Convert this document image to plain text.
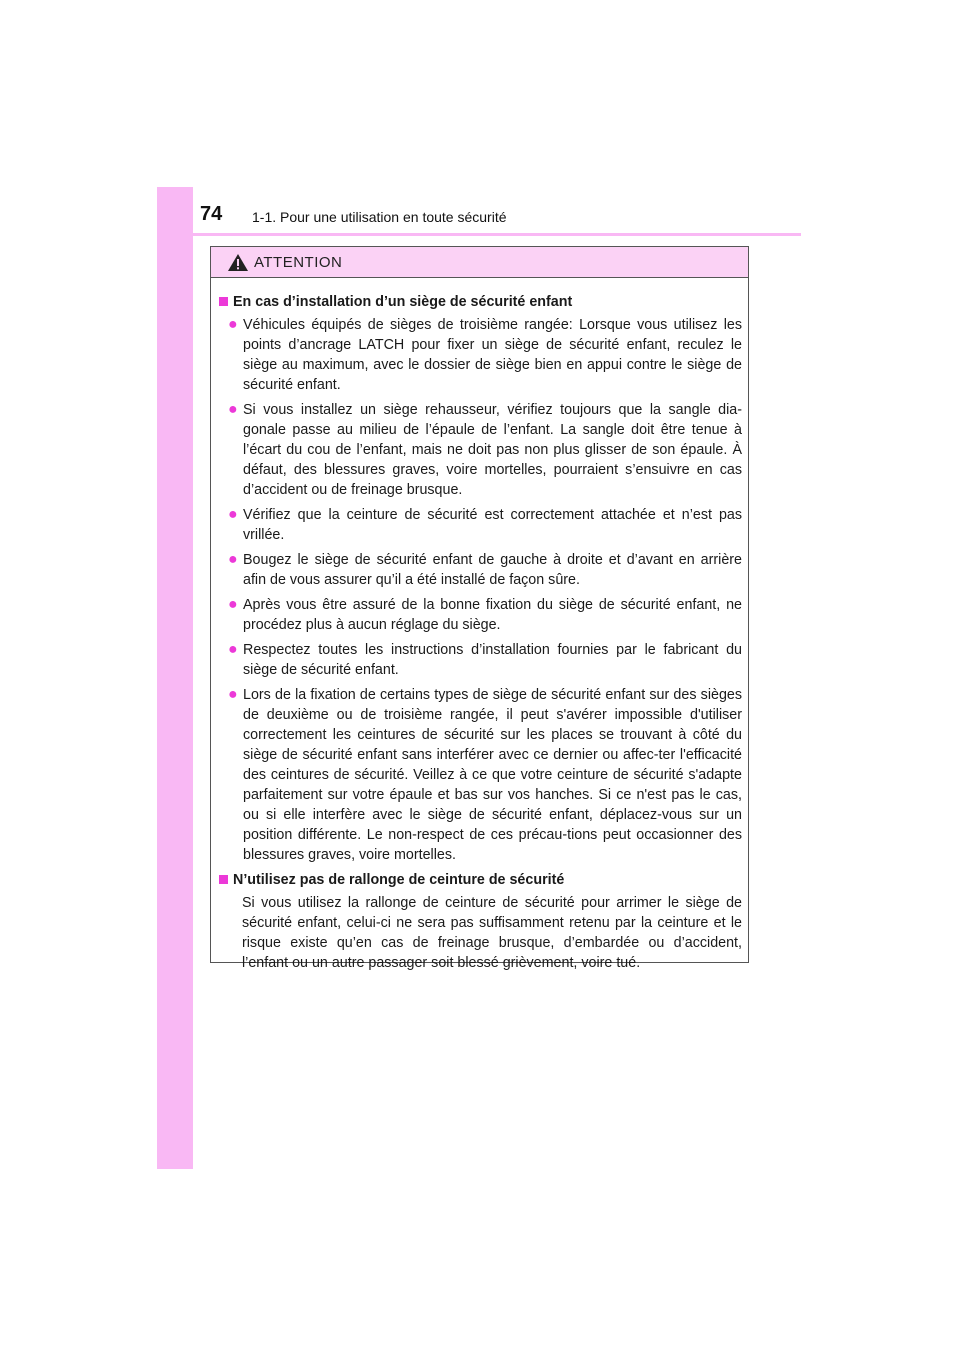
74 1-1. Pour une utilisation en toute sécurité
ATTENTION
En cas d’installation d’un siège de sécurité enfant
● Véhicules équipés de sièges de troisième rangée: Lorsque vous utilisez les points d’ancrage LATCH pour fixer un siège de sécurité enfant, reculez le siège au maximum, avec le dossier de siège bien en appui contre le siège de sécurité enfant.
● Si vous installez un siège rehausseur, vérifiez toujours que la sangle dia-gonale passe au milieu de l’épaule de l’enfant. La sangle doit être tenue à l’écart du cou de l’enfant, mais ne doit pas non plus glisser de son épaule. À défaut, des blessures graves, voire mortelles, pourraient s’ensuivre en cas d’accident ou de freinage brusque.
● Vérifiez que la ceinture de sécurité est correctement attachée et n’est pas vrillée.
● Bougez le siège de sécurité enfant de gauche à droite et d’avant en arrière afin de vous assurer qu’il a été installé de façon sûre.
● Après vous être assuré de la bonne fixation du siège de sécurité enfant, ne procédez plus à aucun réglage du siège.
● Respectez toutes les instructions d’installation fournies par le fabricant du siège de sécurité enfant.
● Lors de la fixation de certains types de siège de sécurité enfant sur des sièges de deuxième ou de troisième rangée, il peut s'avérer impossible d'utiliser correctement les ceintures de sécurité sur les places se trouvant à côté du siège de sécurité enfant sans interférer avec ce dernier ou affec-ter l'efficacité des ceintures de sécurité. Veillez à ce que votre ceinture de sécurité s'adapte parfaitement sur votre épaule et bas sur vos hanches. Si ce n'est pas le cas, ou si elle interfère avec le siège de sécurité enfant, déplacez-vous sur un position différente. Le non-respect de ces précau-tions peut occasionner des blessures graves, voire mortelles.
N’utilisez pas de rallonge de ceinture de sécurité
Si vous utilisez la rallonge de ceinture de sécurité pour arrimer le siège de sécurité enfant, celui-ci ne sera pas suffisamment retenu par la ceinture et le risque existe qu’en cas de freinage brusque, d’embardée ou d’accident, l’enfant ou un autre passager soit blessé grièvement, voire tué.
